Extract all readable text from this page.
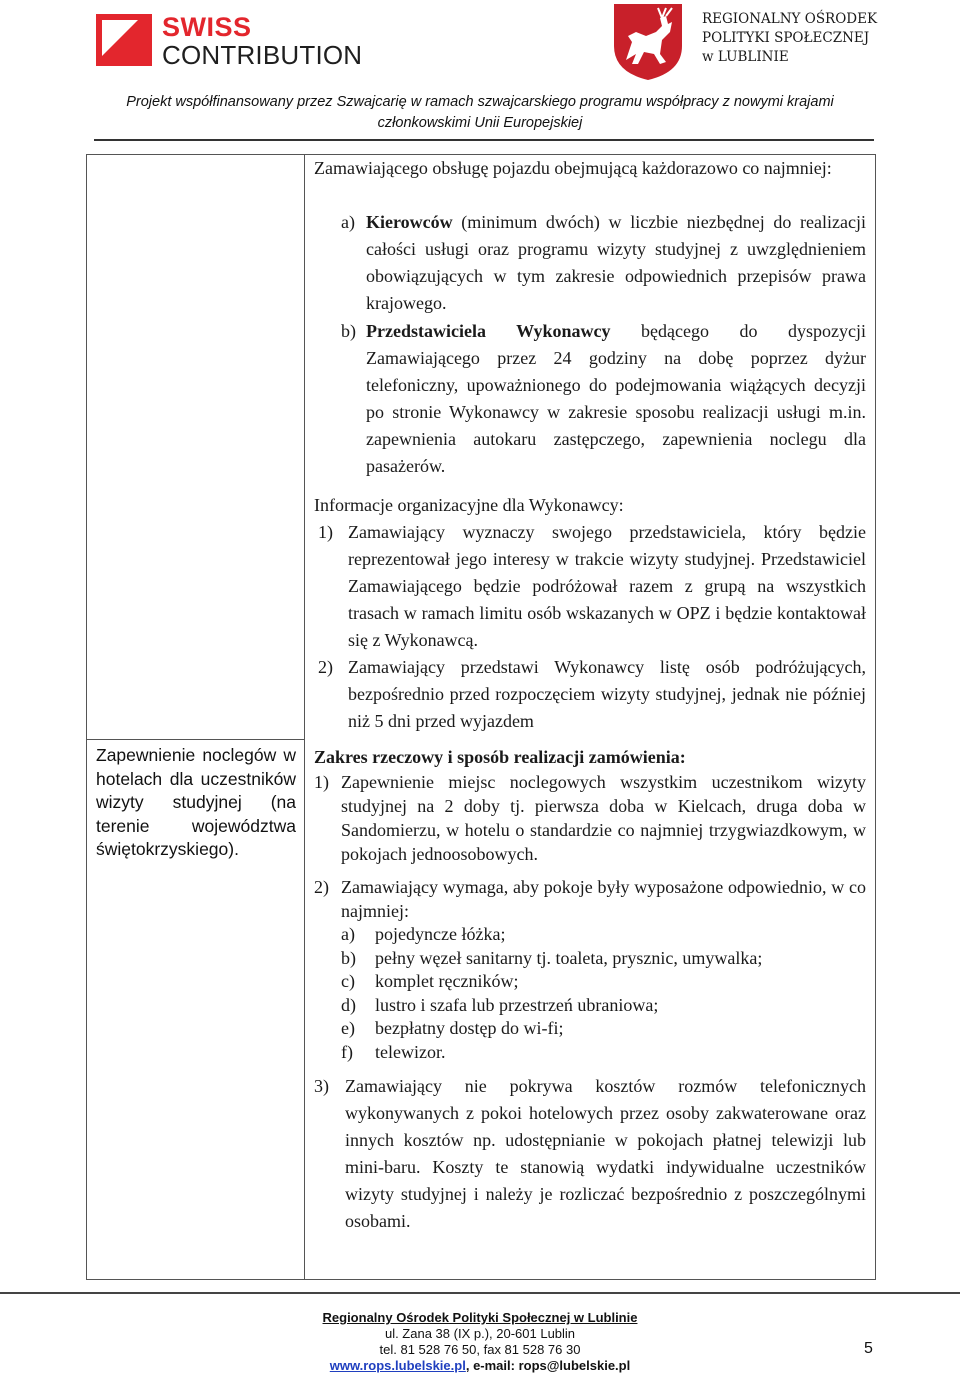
SWISS
CONTRIBUTION
REGIONALNY OŚRODEK
POLITYKI SPOŁECZNEJ
w LUBLINIE
Projekt współfinansowany przez Szwajcarię w ramach szwajcarskiego programu współpracy z nowymi krajami
członkowskimi Unii Europejskiej
Zamawiającego obsługę pojazdu obejmującą każdorazowo co najmniej:
a) Kierowców (minimum dwóch) w liczbie niezbędnej do realizacji całości usługi oraz programu wizyty studyjnej z uwzględnieniem obowiązujących w tym zakresie odpowiednich przepisów prawa krajowego.
b) Przedstawiciela Wykonawcy będącego do dyspozycji Zamawiającego przez 24 godziny na dobę poprzez dyżur telefoniczny, upoważnionego do podejmowania wiążących decyzji po stronie Wykonawcy w zakresie sposobu realizacji usługi m.in. zapewnienia autokaru zastępczego, zapewnienia noclegu dla pasażerów.
Informacje organizacyjne dla Wykonawcy:
1) Zamawiający wyznaczy swojego przedstawiciela, który będzie reprezentował jego interesy w trakcie wizyty studyjnej. Przedstawiciel Zamawiającego będzie podróżował razem z grupą na wszystkich trasach w ramach limitu osób wskazanych w OPZ i będzie kontaktował się z Wykonawcą.
2) Zamawiający przedstawi Wykonawcy listę osób podróżujących, bezpośrednio przed rozpoczęciem wizyty studyjnej, jednak nie później niż 5 dni przed wyjazdem
Zapewnienie noclegów w hotelach dla uczestników wizyty studyjnej (na terenie województwa świętokrzyskiego).
Zakres rzeczowy i sposób realizacji zamówienia:
1) Zapewnienie miejsc noclegowych wszystkim uczestnikom wizyty studyjnej na 2 doby tj. pierwsza doba w Kielcach, druga doba w Sandomierzu, w hotelu o standardzie co najmniej trzygwiazdkowym, w pokojach jednoosobowych.
2) Zamawiający wymaga, aby pokoje były wyposażone odpowiednio, w co najmniej:
a) pojedyncze łóżka;
b) pełny węzeł sanitarny tj. toaleta, prysznic, umywalka;
c) komplet ręczników;
d) lustro i szafa lub przestrzeń ubraniowa;
e) bezpłatny dostęp do wi-fi;
f) telewizor.
3) Zamawiający nie pokrywa kosztów rozmów telefonicznych wykonywanych z pokoi hotelowych przez osoby zakwaterowane oraz innych kosztów np. udostępnianie w pokojach płatnej telewizji lub mini-baru. Koszty te stanowią wydatki indywidualne uczestników wizyty studyjnej i należy je rozliczać bezpośrednio z poszczególnymi osobami.
Regionalny Ośrodek Polityki Społecznej w Lublinie
ul. Zana 38 (IX p.), 20-601 Lublin
tel. 81 528 76 50, fax 81 528 76 30
www.rops.lubelskie.pl, e-mail: rops@lubelskie.pl
5
